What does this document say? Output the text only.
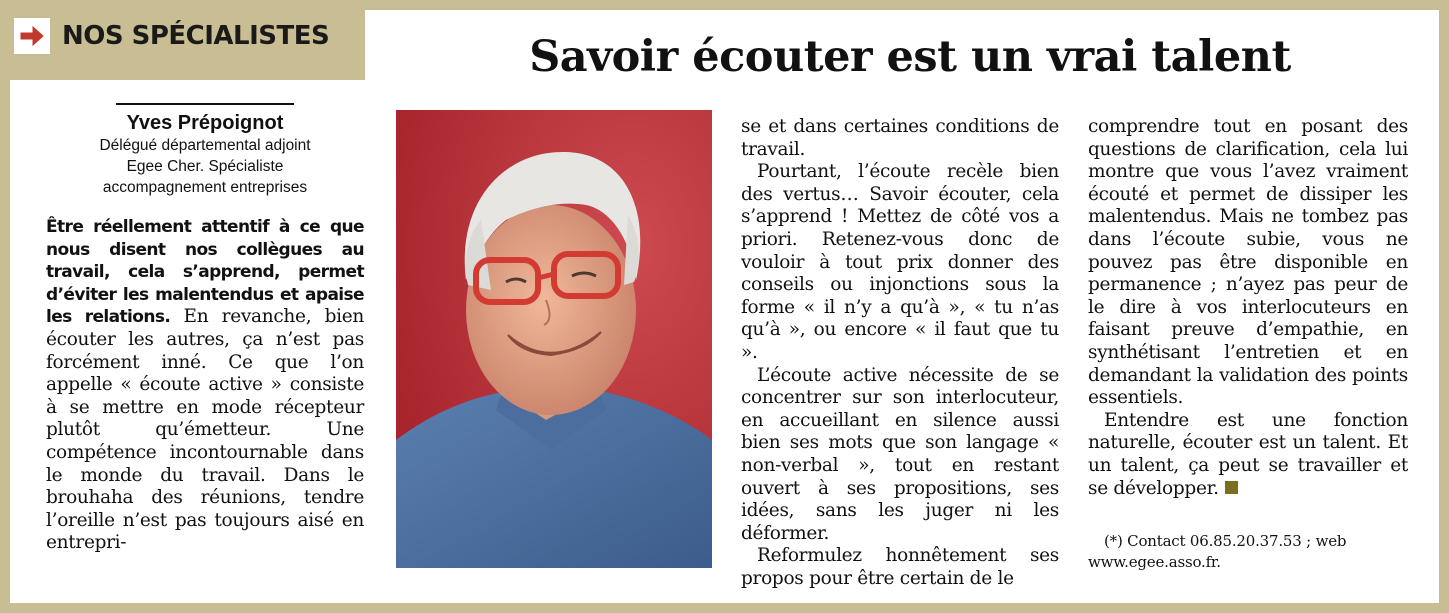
NOS SPÉCIALISTES	Savoir écouter est un vrai talent
Yves Prépoignot
Délégué départemental adjoint
Egee Cher. Spécialiste
accompagnement entreprises

Être réellement attentif à ce que nous disent nos collègues au travail, cela s’apprend, permet d’éviter les malentendus et apaise les relations. En revanche, bien écouter les autres, ça n’est pas forcément inné. Ce que l’on appelle « écoute active » consiste à se mettre en mode récepteur plutôt qu’émetteur. Une compétence incontournable dans le monde du travail. Dans le brouhaha des réunions, tendre l’oreille n’est pas toujours aisé en entrepri-

se et dans certaines conditions de travail.

Pourtant, l’écoute recèle bien des vertus… Savoir écouter, cela s’apprend ! Mettez de côté vos a priori. Retenez-vous donc de vouloir à tout prix donner des conseils ou injonctions sous la forme « il n’y a qu’à », « tu n’as qu’à », ou encore « il faut que tu ».

L’écoute active nécessite de se concentrer sur son interlocuteur, en accueillant en silence aussi bien ses mots que son langage « non-verbal », tout en restant ouvert à ses propositions, ses idées, sans les juger ni les déformer.

Reformulez honnêtement ses propos pour être certain de le

comprendre tout en posant des questions de clarification, cela lui montre que vous l’avez vraiment écouté et permet de dissiper les malentendus. Mais ne tombez pas dans l’écoute subie, vous ne pouvez pas être disponible en permanence ; n’ayez pas peur de le dire à vos interlocuteurs en faisant preuve d’empathie, en synthétisant l’entretien et en demandant la validation des points essentiels.

Entendre est une fonction naturelle, écouter est un talent. Et un talent, ça peut se travailler et se développer.

(*) Contact 06.85.20.37.53 ; web www.egee.asso.fr.
